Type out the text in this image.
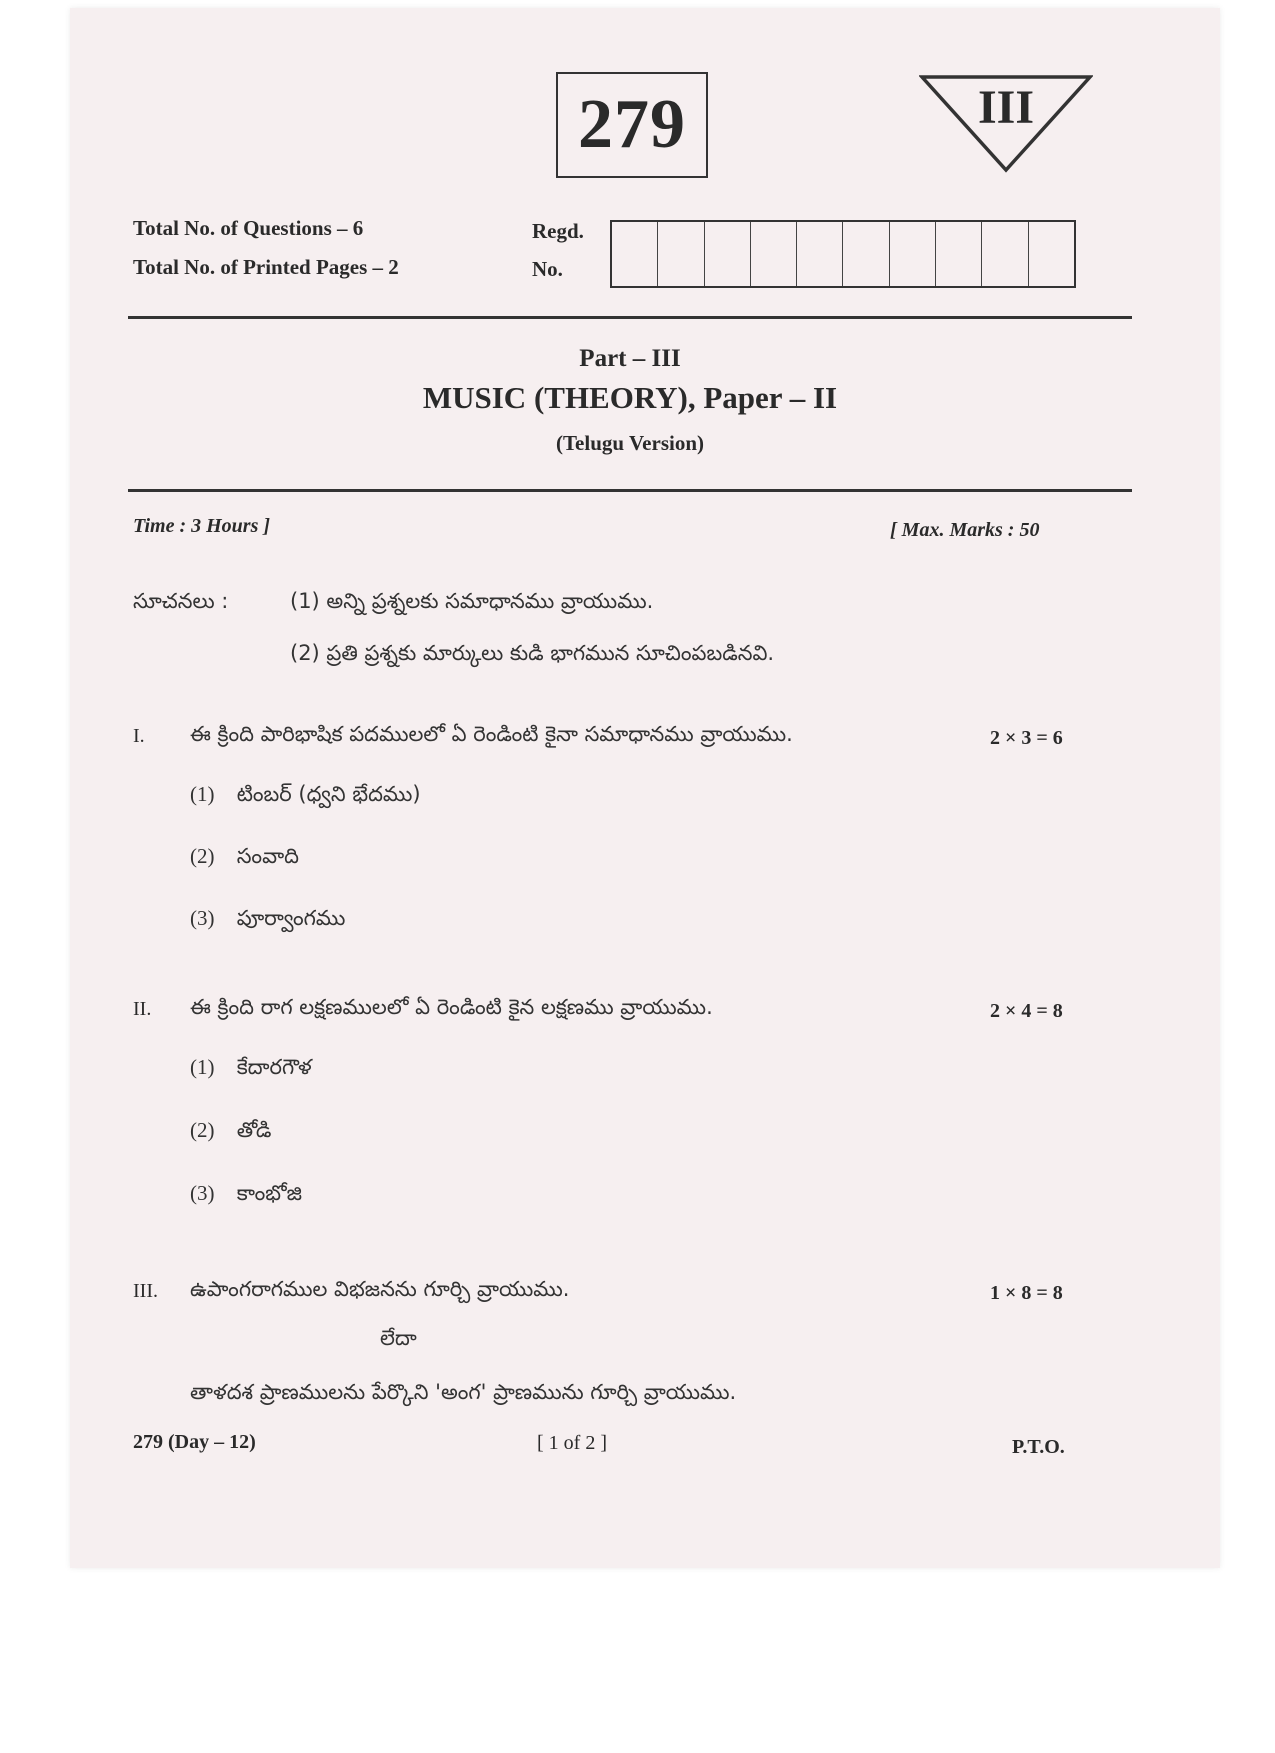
279	III
Total No. of Questions – 6
Total No. of Printed Pages – 2
Regd.
No.
Part – III
MUSIC (THEORY), Paper – II
(Telugu Version)
Time : 3 Hours ]	[ Max. Marks : 50
సూచనలు :	(1) అన్ని ప్రశ్నలకు సమాధానము వ్రాయుము.
(2) ప్రతి ప్రశ్నకు మార్కులు కుడి భాగమున సూచింపబడినవి.
I. ఈ క్రింది పారిభాషిక పదములలో ఏ రెండింటి కైనా సమాధానము వ్రాయుము.	2 × 3 = 6
(1) టింబర్ (ధ్వని భేదము)
(2) సంవాది
(3) పూర్వాంగము
II. ఈ క్రింది రాగ లక్షణములలో ఏ రెండింటి కైన లక్షణము వ్రాయుము.	2 × 4 = 8
(1) కేదారగౌళ
(2) తోడి
(3) కాంభోజి
III. ఉపాంగరాగముల విభజనను గూర్చి వ్రాయుము.	1 × 8 = 8
లేదా
తాళదశ ప్రాణములను పేర్కొని 'అంగ' ప్రాణమును గూర్చి వ్రాయుము.
279 (Day – 12)	[ 1 of 2 ]	P.T.O.
